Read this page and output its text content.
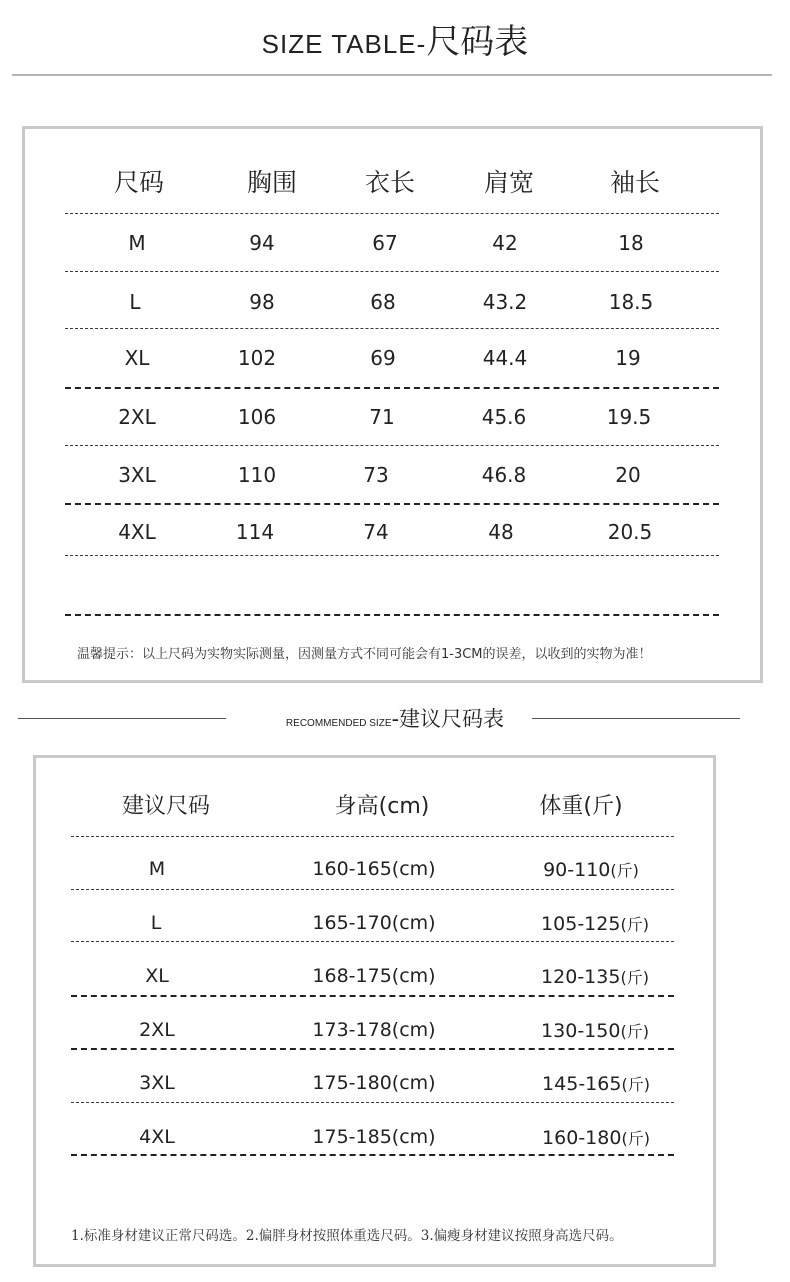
SIZE TABLE-尺码表
尺码	胸围	衣长	肩宽	袖长
M	94	67	42	18
L	98	68	43.2	18.5
XL	102	69	44.4	19
2XL	106	71	45.6	19.5
3XL	110	73	46.8	20
4XL	114	74	48	20.5
温馨提示：以上尺码为实物实际测量，因测量方式不同可能会有1-3CM的误差，以收到的实物为准！
RECOMMENDED SIZE-建议尺码表
建议尺码	身高(cm)	体重(斤)
M	160-165(cm)	90-110(斤)
L	165-170(cm)	105-125(斤)
XL	168-175(cm)	120-135(斤)
2XL	173-178(cm)	130-150(斤)
3XL	175-180(cm)	145-165(斤)
4XL	175-185(cm)	160-180(斤)
1.标准身材建议正常尺码选。2.偏胖身材按照体重选尺码。3.偏瘦身材建议按照身高选尺码。
